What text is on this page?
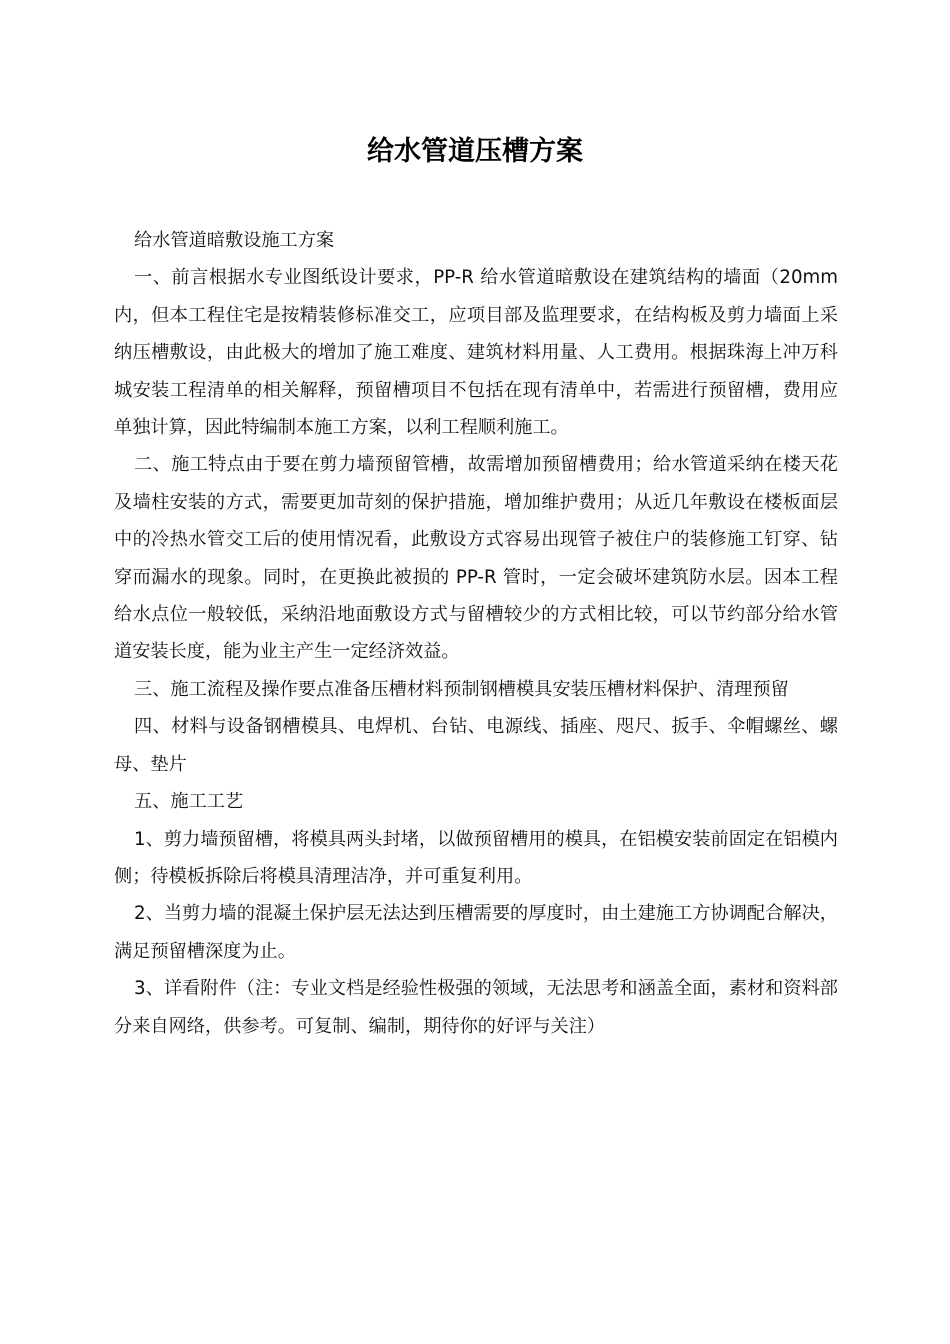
给水管道压槽方案

给水管道暗敷设施工方案

一、前言根据水专业图纸设计要求，PP-R 给水管道暗敷设在建筑结构的墙面（20mm 内，但本工程住宅是按精装修标准交工，应项目部及监理要求，在结构板及剪力墙面上采纳压槽敷设，由此极大的增加了施工难度、建筑材料用量、人工费用。根据珠海上冲万科城安装工程清单的相关解释，预留槽项目不包括在现有清单中，若需进行预留槽，费用应单独计算，因此特编制本施工方案，以利工程顺利施工。

二、施工特点由于要在剪力墙预留管槽，故需增加预留槽费用；给水管道采纳在楼天花及墙柱安装的方式，需要更加苛刻的保护措施，增加维护费用；从近几年敷设在楼板面层中的冷热水管交工后的使用情况看，此敷设方式容易出现管子被住户的装修施工钉穿、钻穿而漏水的现象。同时，在更换此被损的 PP-R 管时，一定会破坏建筑防水层。因本工程给水点位一般较低，采纳沿地面敷设方式与留槽较少的方式相比较，可以节约部分给水管道安装长度，能为业主产生一定经济效益。

三、施工流程及操作要点准备压槽材料预制钢槽模具安装压槽材料保护、清理预留

四、材料与设备钢槽模具、电焊机、台钻、电源线、插座、咫尺、扳手、伞帽螺丝、螺母、垫片

五、施工工艺

1、剪力墙预留槽，将模具两头封堵，以做预留槽用的模具，在铝模安装前固定在铝模内侧；待模板拆除后将模具清理洁净，并可重复利用。

2、当剪力墙的混凝土保护层无法达到压槽需要的厚度时，由土建施工方协调配合解决，满足预留槽深度为止。

3、详看附件（注：专业文档是经验性极强的领域，无法思考和涵盖全面，素材和资料部分来自网络，供参考。可复制、编制，期待你的好评与关注）
